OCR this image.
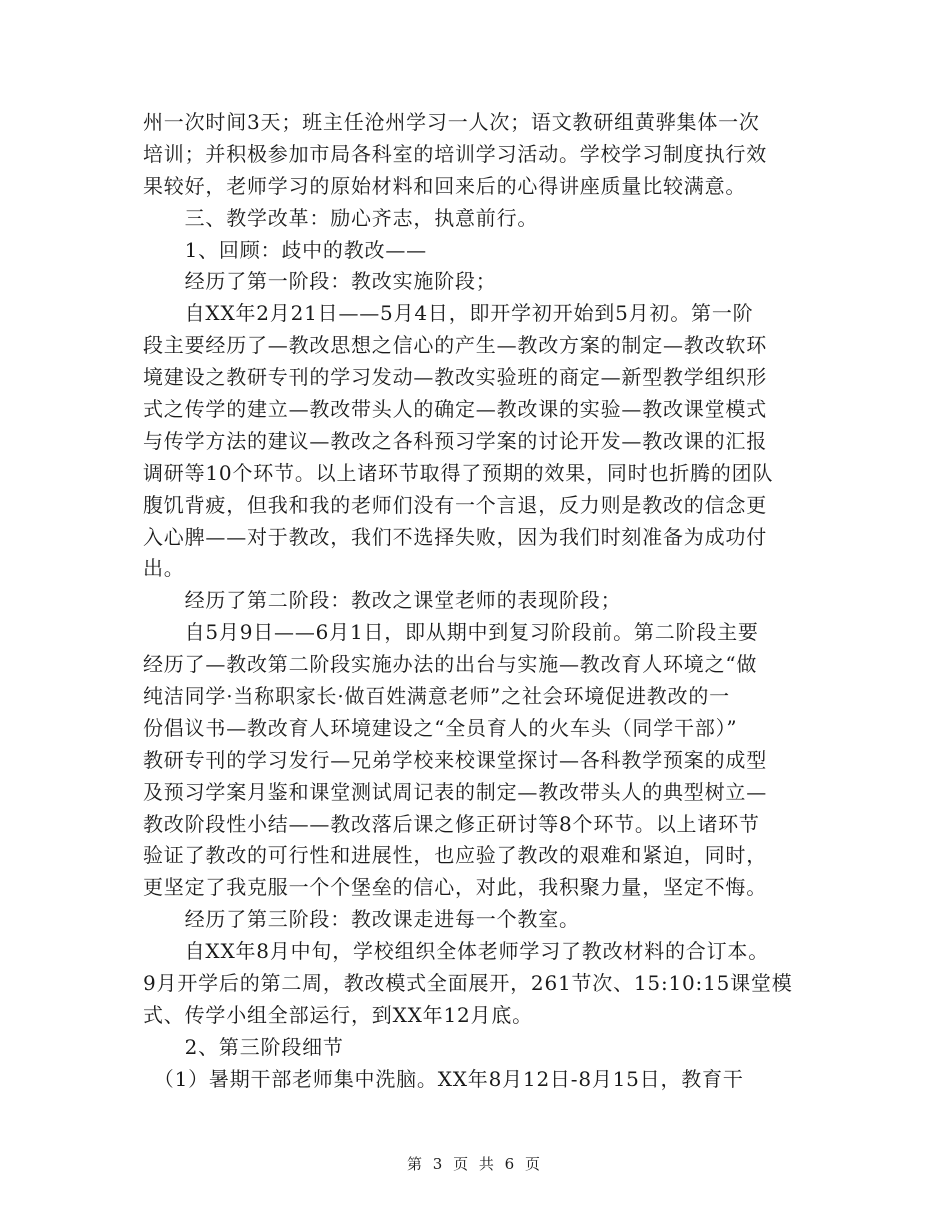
州一次时间3天；班主任沧州学习一人次；语文教研组黄骅集体一次
培训；并积极参加市局各科室的培训学习活动。学校学习制度执行效
果较好，老师学习的原始材料和回来后的心得讲座质量比较满意。
　　三、教学改革：励心齐志，执意前行。
　　1、回顾：歧中的教改——
　　经历了第一阶段：教改实施阶段；
　　自XX年2月21日——5月4日，即开学初开始到5月初。第一阶
段主要经历了—教改思想之信心的产生—教改方案的制定—教改软环
境建设之教研专刊的学习发动—教改实验班的商定—新型教学组织形
式之传学的建立—教改带头人的确定—教改课的实验—教改课堂模式
与传学方法的建议—教改之各科预习学案的讨论开发—教改课的汇报
调研等10个环节。以上诸环节取得了预期的效果，同时也折腾的团队
腹饥背疲，但我和我的老师们没有一个言退，反力则是教改的信念更
入心脾——对于教改，我们不选择失败，因为我们时刻准备为成功付
出。
　　经历了第二阶段：教改之课堂老师的表现阶段；
　　自5月9日——6月1日，即从期中到复习阶段前。第二阶段主要
经历了—教改第二阶段实施办法的出台与实施—教改育人环境之“做
纯洁同学·当称职家长·做百姓满意老师”之社会环境促进教改的一
份倡议书—教改育人环境建设之“全员育人的火车头（同学干部）”
教研专刊的学习发行—兄弟学校来校课堂探讨—各科教学预案的成型
及预习学案月鉴和课堂测试周记表的制定—教改带头人的典型树立—
教改阶段性小结——教改落后课之修正研讨等8个环节。以上诸环节
验证了教改的可行性和进展性，也应验了教改的艰难和紧迫，同时，
更坚定了我克服一个个堡垒的信心，对此，我积聚力量，坚定不悔。
　　经历了第三阶段：教改课走进每一个教室。
　　自XX年8月中旬，学校组织全体老师学习了教改材料的合订本。
9月开学后的第二周，教改模式全面展开，261节次、15:10:15课堂模
式、传学小组全部运行，到XX年12月底。
　　2、第三阶段细节
　（1）暑期干部老师集中洗脑。XX年8月12日-8月15日，教育干
第 3 页 共 6 页
